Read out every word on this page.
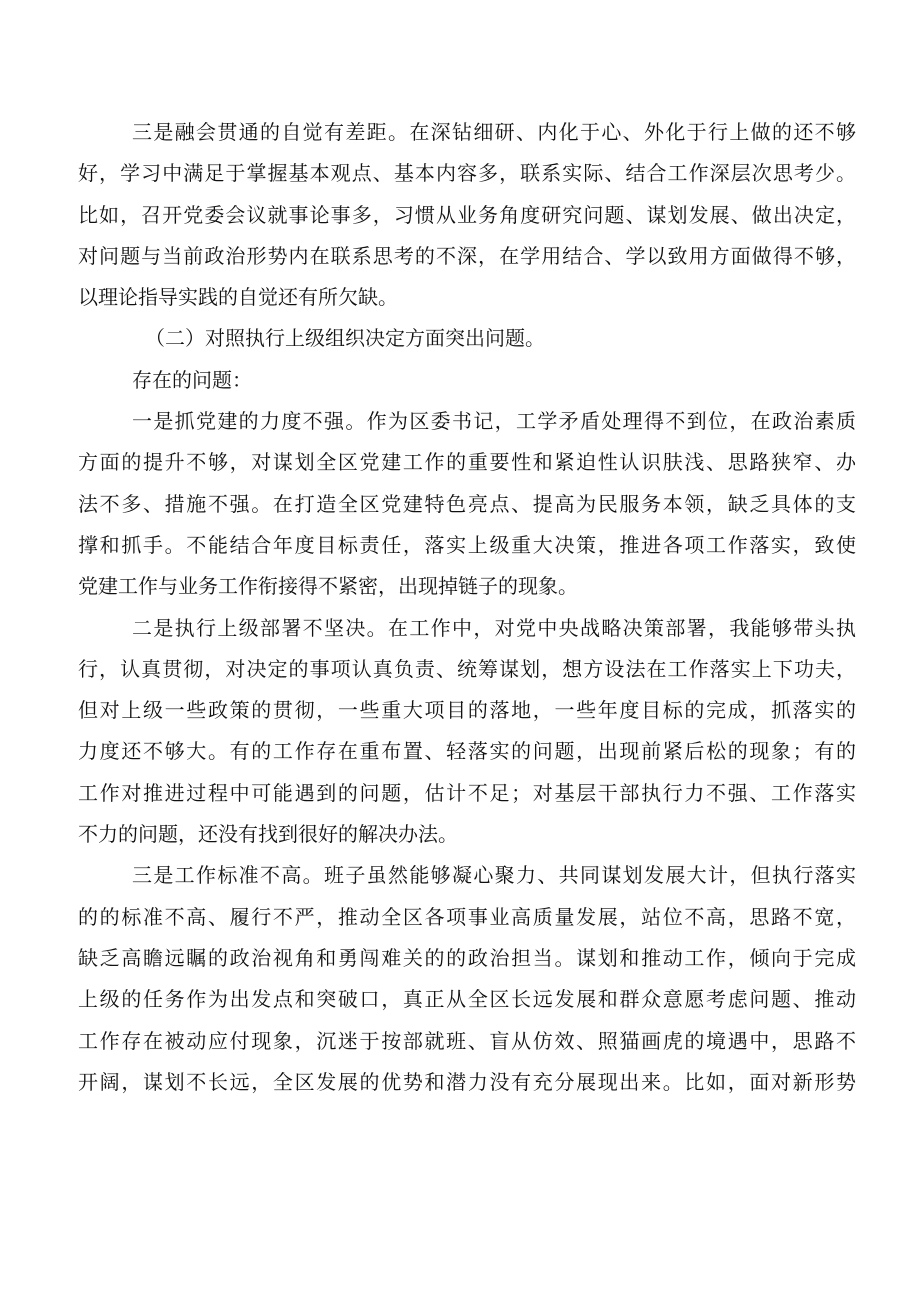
三是融会贯通的自觉有差距。在深钻细研、内化于心、外化于行上做的还不够
好，学习中满足于掌握基本观点、基本内容多，联系实际、结合工作深层次思考少。
比如，召开党委会议就事论事多，习惯从业务角度研究问题、谋划发展、做出决定，
对问题与当前政治形势内在联系思考的不深，在学用结合、学以致用方面做得不够，
以理论指导实践的自觉还有所欠缺。
（二）对照执行上级组织决定方面突出问题。
存在的问题：
一是抓党建的力度不强。作为区委书记，工学矛盾处理得不到位，在政治素质
方面的提升不够，对谋划全区党建工作的重要性和紧迫性认识肤浅、思路狭窄、办
法不多、措施不强。在打造全区党建特色亮点、提高为民服务本领，缺乏具体的支
撑和抓手。不能结合年度目标责任，落实上级重大决策，推进各项工作落实，致使
党建工作与业务工作衔接得不紧密，出现掉链子的现象。
二是执行上级部署不坚决。在工作中，对党中央战略决策部署，我能够带头执
行，认真贯彻，对决定的事项认真负责、统筹谋划，想方设法在工作落实上下功夫，
但对上级一些政策的贯彻，一些重大项目的落地，一些年度目标的完成，抓落实的
力度还不够大。有的工作存在重布置、轻落实的问题，出现前紧后松的现象；有的
工作对推进过程中可能遇到的问题，估计不足；对基层干部执行力不强、工作落实
不力的问题，还没有找到很好的解决办法。
三是工作标准不高。班子虽然能够凝心聚力、共同谋划发展大计，但执行落实
的的标准不高、履行不严，推动全区各项事业高质量发展，站位不高，思路不宽，
缺乏高瞻远瞩的政治视角和勇闯难关的的政治担当。谋划和推动工作，倾向于完成
上级的任务作为出发点和突破口，真正从全区长远发展和群众意愿考虑问题、推动
工作存在被动应付现象，沉迷于按部就班、盲从仿效、照猫画虎的境遇中，思路不
开阔，谋划不长远，全区发展的优势和潜力没有充分展现出来。比如，面对新形势
